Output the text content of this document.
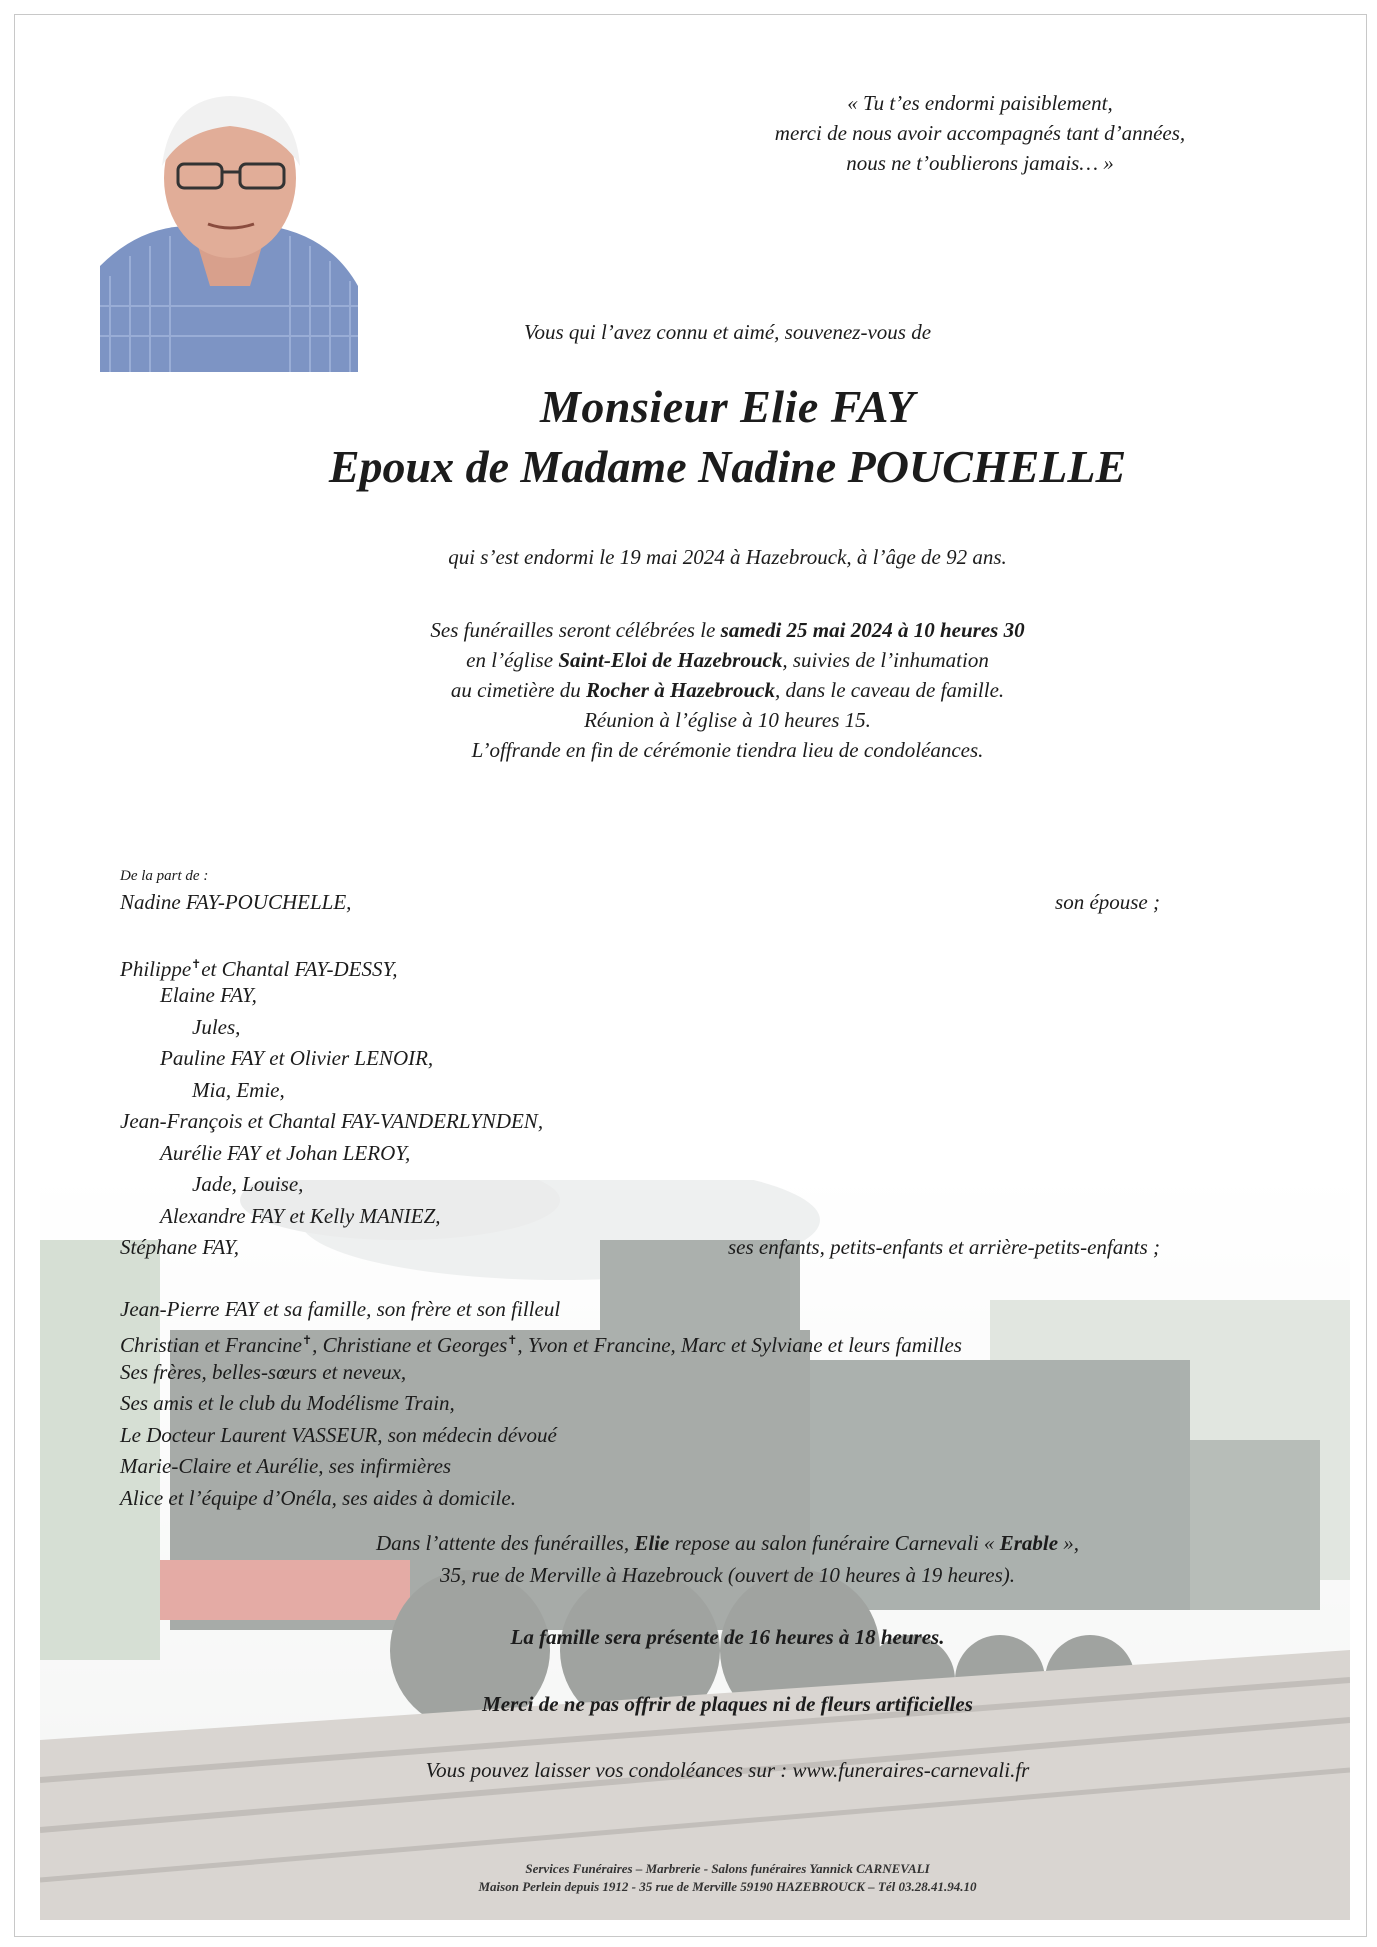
« Tu t’es endormi paisiblement,
merci de nous avoir accompagnés tant d’années,
nous ne t’oublierons jamais… »
Vous qui l’avez connu et aimé, souvenez-vous de
Monsieur Elie FAY
Epoux de Madame Nadine POUCHELLE
qui s’est endormi le 19 mai 2024 à Hazebrouck, à l’âge de 92 ans.
Ses funérailles seront célébrées le samedi 25 mai 2024 à 10 heures 30
en l’église Saint-Eloi de Hazebrouck, suivies de l’inhumation
au cimetière du Rocher à Hazebrouck, dans le caveau de famille.
Réunion à l’église à 10 heures 15.
L’offrande en fin de cérémonie tiendra lieu de condoléances.
De la part de :
Nadine FAY-POUCHELLE,	son épouse ;
Philippe✝et Chantal FAY-DESSY,
Elaine FAY,
Jules,
Pauline FAY et Olivier LENOIR,
Mia, Emie,
Jean-François et Chantal FAY-VANDERLYNDEN,
Aurélie FAY et Johan LEROY,
Jade, Louise,
Alexandre FAY et Kelly MANIEZ,
Stéphane FAY,	ses enfants, petits-enfants et arrière-petits-enfants ;
Jean-Pierre FAY et sa famille, son frère et son filleul
Christian et Francine✝, Christiane et Georges✝, Yvon et Francine, Marc et Sylviane et leurs familles
Ses frères, belles-sœurs et neveux,
Ses amis et le club du Modélisme Train,
Le Docteur Laurent VASSEUR, son médecin dévoué
Marie-Claire et Aurélie, ses infirmières
Alice et l’équipe d’Onéla, ses aides à domicile.
Dans l’attente des funérailles, Elie repose au salon funéraire Carnevali « Erable »,
35, rue de Merville à Hazebrouck (ouvert de 10 heures à 19 heures).
La famille sera présente de 16 heures à 18 heures.
Merci de ne pas offrir de plaques ni de fleurs artificielles
Vous pouvez laisser vos condoléances sur : www.funeraires-carnevali.fr
Services Funéraires – Marbrerie - Salons funéraires Yannick CARNEVALI
Maison Perlein depuis 1912 - 35 rue de Merville 59190 HAZEBROUCK – Tél 03.28.41.94.10
